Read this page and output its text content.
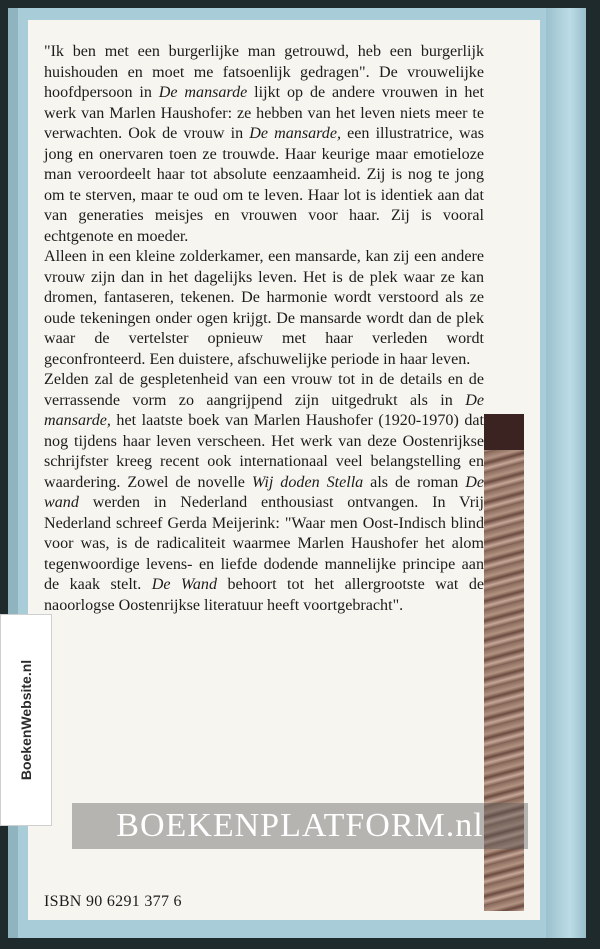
"Ik ben met een burgerlijke man getrouwd, heb een burgerlijk huishouden en moet me fatsoenlijk gedragen". De vrouwelijke hoofdpersoon in De mansarde lijkt op de andere vrouwen in het werk van Marlen Haushofer: ze hebben van het leven niets meer te verwachten. Ook de vrouw in De mansarde, een illustratrice, was jong en onervaren toen ze trouwde. Haar keurige maar emotieloze man veroordeelt haar tot absolute eenzaamheid. Zij is nog te jong om te sterven, maar te oud om te leven. Haar lot is identiek aan dat van generaties meisjes en vrouwen voor haar. Zij is vooral echtgenote en moeder.

Alleen in een kleine zolderkamer, een mansarde, kan zij een andere vrouw zijn dan in het dagelijks leven. Het is de plek waar ze kan dromen, fantaseren, tekenen. De harmonie wordt verstoord als ze oude tekeningen onder ogen krijgt. De mansarde wordt dan de plek waar de vertelster opnieuw met haar verleden wordt geconfronteerd. Een duistere, afschuwelijke periode in haar leven.

Zelden zal de gespletenheid van een vrouw tot in de details en de verrassende vorm zo aangrijpend zijn uitgedrukt als in De mansarde, het laatste boek van Marlen Haushofer (1920-1970) dat nog tijdens haar leven verscheen. Het werk van deze Oostenrijkse schrijfster kreeg recent ook internationaal veel belangstelling en waardering. Zowel de novelle Wij doden Stella als de roman De wand werden in Nederland enthousiast ontvangen. In Vrij Nederland schreef Gerda Meijerink: "Waar men Oost-Indisch blind voor was, is de radicaliteit waarmee Marlen Haushofer het alom tegenwoordige levens- en liefde dodende mannelijke principe aan de kaak stelt. De Wand behoort tot het allergrootste wat de naoorlogse Oostenrijkse literatuur heeft voortgebracht".

ISBN 90 6291 377 6
BoekenWebsite.nl
BOEKENPLATFORM.nl
